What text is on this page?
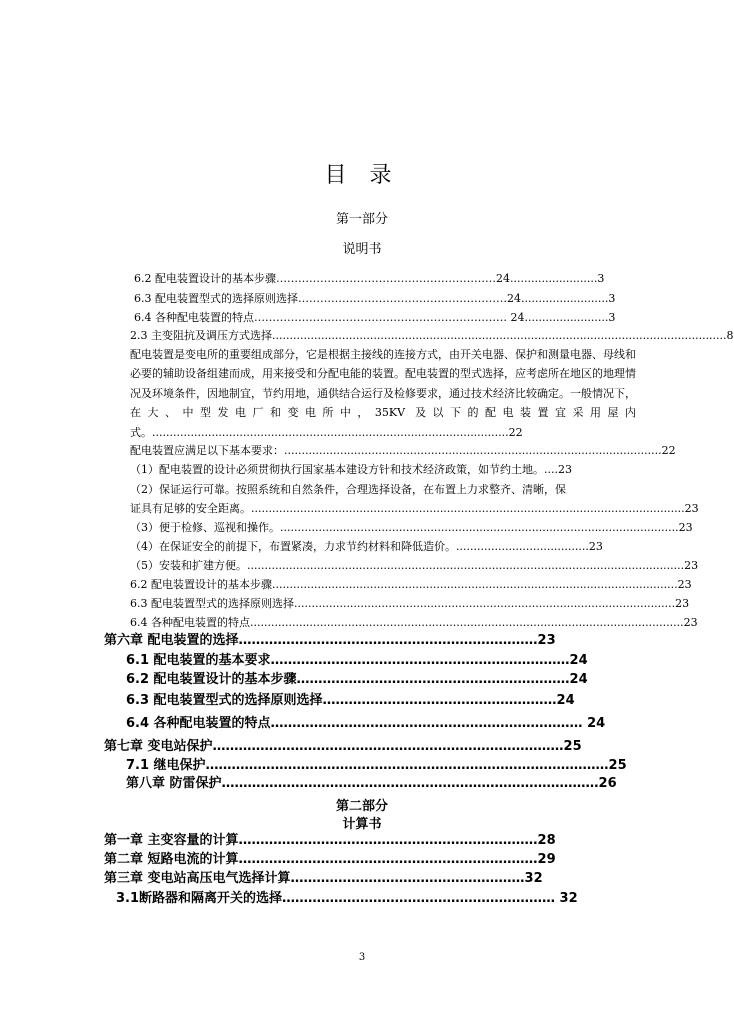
目 录
第一部分
说明书
6.2 配电装置设计的基本步骤……………………………………………………24.........................3
6.3 配电装置型式的选择原则选择…………………………………………………24.........................3
6.4 各种配电装置的特点…………………………………………………………… 24........................3
2.3 主变阻抗及调压方式选择..................................................................................................................................8
配电装置是变电所的重要组成部分，它是根据主接线的连接方式，由开关电器、保护和测量电器、母线和必要的辅助设备组建而成，用来接受和分配电能的装置。配电装置的型式选择，应考虑所在地区的地理情况及环境条件，因地制宜，节约用地，通供结合运行及检修要求，通过技术经济比较确定。一般情况下，在大、中型发电厂和变电所中，35KV 及以下的配电装置宜采用屋内式。......................................................................................................22
配电装置应满足以下基本要求：............................................................................................................22
（1）配电装置的设计必须贯彻执行国家基本建设方针和技术经济政策，如节约土地。....23
（2）保证运行可靠。按照系统和自然条件，合理选择设备，在布置上力求整齐、清晰，保
证具有足够的安全距离。............................................................................................................................23
（3）便于检修、巡视和操作。..................................................................................................................23
（4）在保证安全的前提下，布置紧凑，力求节约材料和降低造价。......................................23
（5）安装和扩建方便。.............................................................................................................................23
6.2 配电装置设计的基本步骤....................................................................................................................23
6.3 配电装置型式的选择原则选择.............................................................................................................23
6.4 各种配电装置的特点............................................................................................................................23
第六章 配电装置的选择……………………………………………………………23
6.1 配电装置的基本要求……………………………………………………………24
6.2 配电装置设计的基本步骤………………………………………………………24
6.3 配电装置型式的选择原则选择………………………………………………24
6.4 各种配电装置的特点……………………………………………………………… 24
第七章 变电站保护………………………………………………………………………25
7.1 继电保护…………………………………………………………………………………25
第八章 防雷保护……………………………………………………………………………26
第二部分
计算书
第一章 主变容量的计算……………………………………………………………28
第二章 短路电流的计算……………………………………………………………29
第三章 变电站高压电气选择计算………………………………………………32
3.1断路器和隔离开关的选择……………………………………………………… 32
3
